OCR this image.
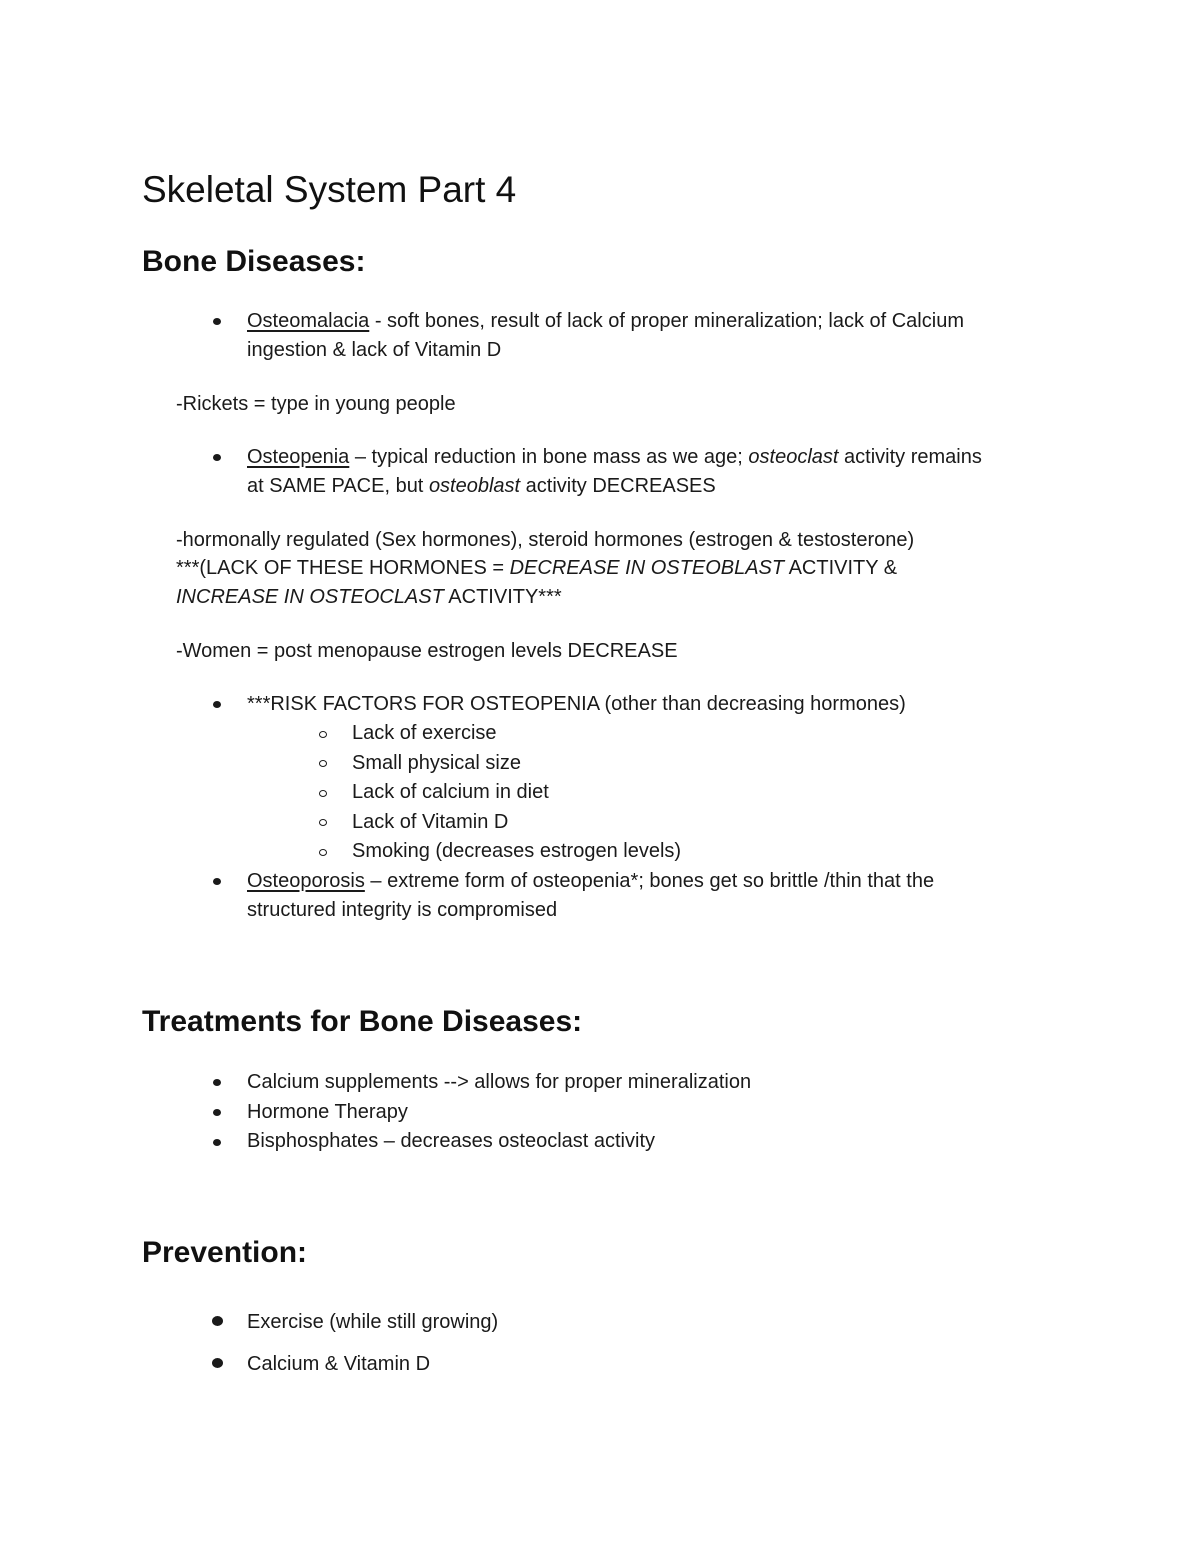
Skeletal System Part 4
Bone Diseases:

Osteomalacia - soft bones, result of lack of proper mineralization; lack of Calcium

ingestion & lack of Vitamin D

-Rickets = type in young people

Osteopenia – typical reduction in bone mass as we age; osteoclast activity remains

at SAME PACE, but osteoblast activity DECREASES

-hormonally regulated (Sex hormones), steroid hormones (estrogen & testosterone)

***(LACK OF THESE HORMONES = DECREASE IN OSTEOBLAST ACTIVITY &

INCREASE IN OSTEOCLAST ACTIVITY***

-Women = post menopause estrogen levels DECREASE

***RISK FACTORS FOR OSTEOPENIA (other than decreasing hormones)

Lack of exercise

Small physical size

Lack of calcium in diet

Lack of Vitamin D

Smoking (decreases estrogen levels)

Osteoporosis – extreme form of osteopenia*; bones get so brittle /thin that the

structured integrity is compromised

Treatments for Bone Diseases:

Calcium supplements --> allows for proper mineralization

Hormone Therapy

Bisphosphates – decreases osteoclast activity

Prevention:

Exercise (while still growing)

Calcium & Vitamin D
